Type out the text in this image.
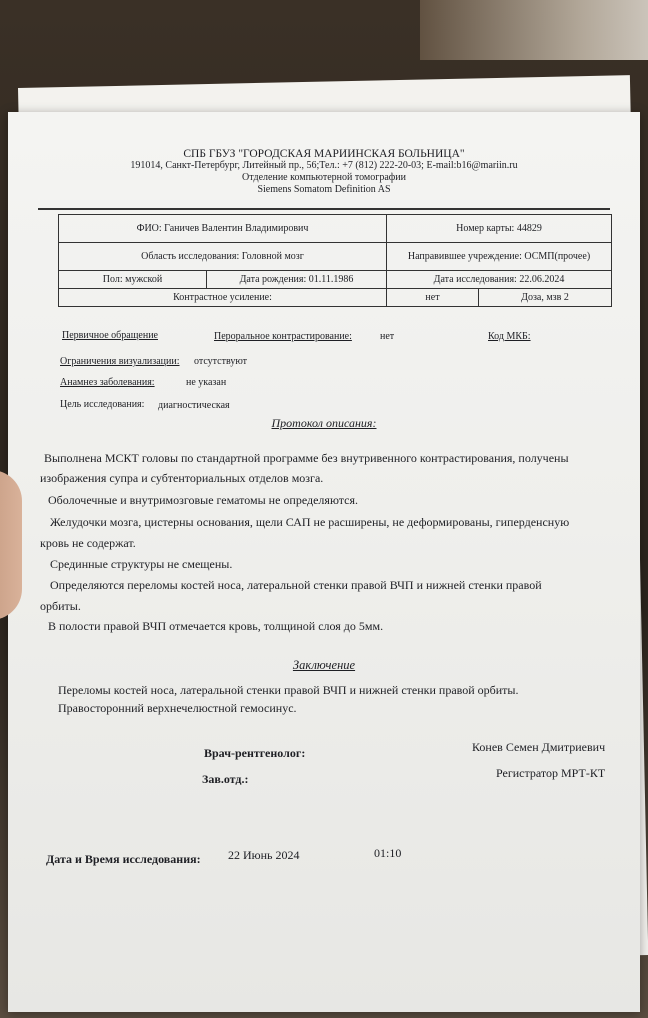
СПБ ГБУЗ "ГОРОДСКАЯ МАРИИНСКАЯ БОЛЬНИЦА"
191014, Санкт-Петербург, Литейный пр., 56;Тел.: +7 (812) 222-20-03; E-mail:b16@mariin.ru
Отделение компьютерной томографии
Siemens Somatom Definition AS
ФИО: Ганичев Валентин Владимирович		Номер карты: 44829	
Область исследования: Головной мозг		Направившее учреждение: ОСМП(прочее)	
Пол: мужской	Дата рождения: 01.11.1986	Дата исследования: 22.06.2024	
Контрастное усиление:		нет	Доза, мзв 2
Первичное обращение	Пероральное контрастирование:	нет	Код МКБ:
Ограничения визуализации: отсутствуют
Анамнез заболевания:	не указан
Цель исследования: диагностическая
Протокол описания:
Выполнена МСКТ головы по стандартной программе без внутривенного контрастирования, получены
изображения супра и субтенториальных отделов мозга.
Оболочечные и внутримозговые гематомы не определяются.
Желудочки мозга, цистерны основания, щели САП не расширены, не деформированы, гиперденсную
кровь не содержат.
Срединные структуры не смещены.
Определяются переломы костей носа, латеральной стенки правой ВЧП и нижней стенки правой
орбиты.
В полости правой ВЧП отмечается кровь, толщиной слоя до 5мм.
Заключение
Переломы костей носа, латеральной стенки правой ВЧП и нижней стенки правой орбиты.
Правосторонний верхнечелюстной гемосинус.
Врач-рентгенолог:	Конев Семен Дмитриевич
Зав.отд.:	Регистратор МРТ-КТ
Дата и Время исследования: 22 Июнь 2024	01:10
